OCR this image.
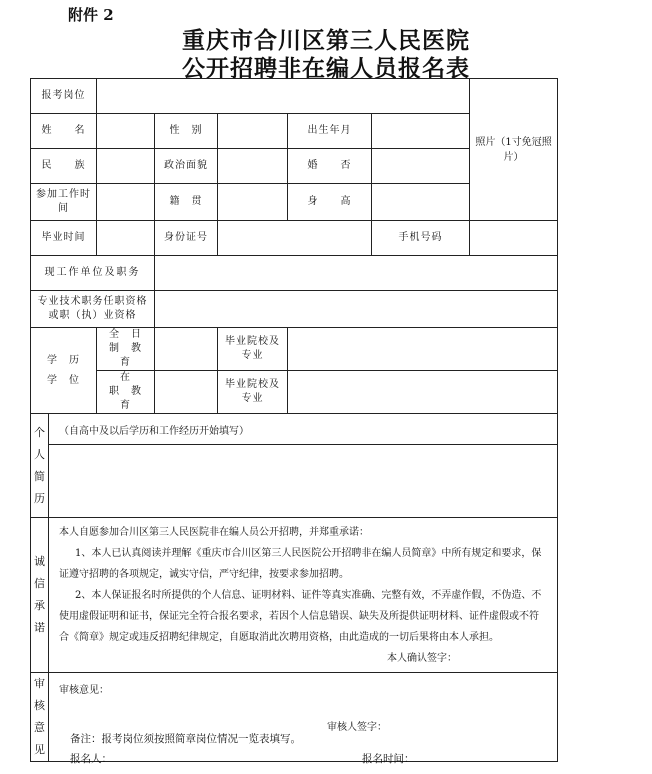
附件 2
重庆市合川区第三人民医院
公开招聘非在编人员报名表
报考岗位							照片（1寸免冠照片）
姓　　名			性　别		出生年月		
民　　族			政治面貌		婚　　否		
参加工作时　　间			籍　贯		身　　高		
毕业时间			身份证号			手机号码	
现工作单位及职务							
专业技术职务任职资格或职（执）业资格							
学　历　　学　位		全　日　制　教　　育		毕业院校及专业			
		在　　　职　教　　育		毕业院校及专业			
个人简历	（自高中及以后学历和工作经历开始填写）						

诚信承诺	本人自愿参加合川区第三人民医院非在编人员公开招聘，并郑重承诺：

1、本人已认真阅读并理解《重庆市合川区第三人民医院公开招聘非在编人员简章》中所有规定和要求，保证遵守招聘的各项规定，诚实守信，严守纪律，按要求参加招聘。

2、本人保证报名时所提供的个人信息、证明材料、证件等真实准确、完整有效，不弄虚作假，不伪造、不使用虚假证明和证书，保证完全符合报名要求，若因个人信息错误、缺失及所提供证明材料、证件虚假或不符合《简章》规定或违反招聘纪律规定，自愿取消此次聘用资格，由此造成的一切后果将由本人承担。

本人确认签字：						

审核意见	审核意见：
审核人签字：						
备注：报考岗位须按照简章岗位情况一览表填写。
报名人：	报名时间：
